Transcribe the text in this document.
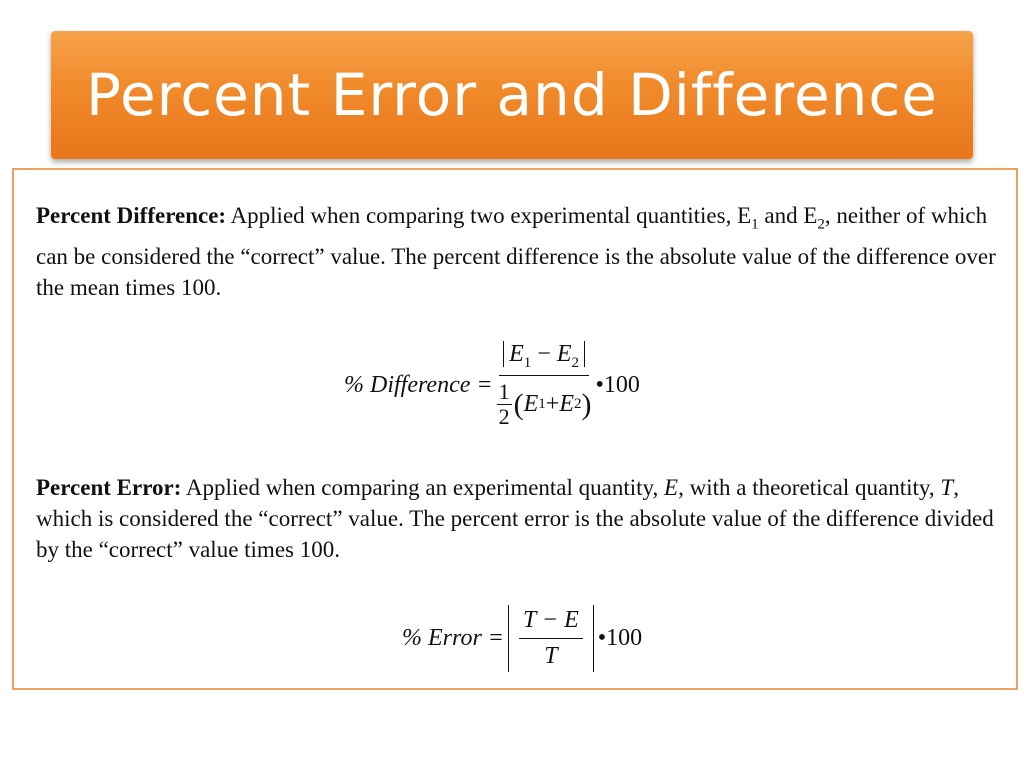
Percent Error and Difference
Percent Difference: Applied when comparing two experimental quantities, $E_1$ and $E_2$, neither of which can be considered the “correct” value. The percent difference is the absolute value of the difference over the mean times 100.
% Difference = $\frac{E_1 - E_2}{\frac{1}{2} ( E 1 + E 2 )}$ •100
Percent Error: Applied when comparing an experimental quantity, E, with a theoretical quantity, T, which is considered the “correct” value. The percent error is the absolute value of the difference divided by the “correct” value times 100.
% Error = $\frac{T - E}{T}$ •100
